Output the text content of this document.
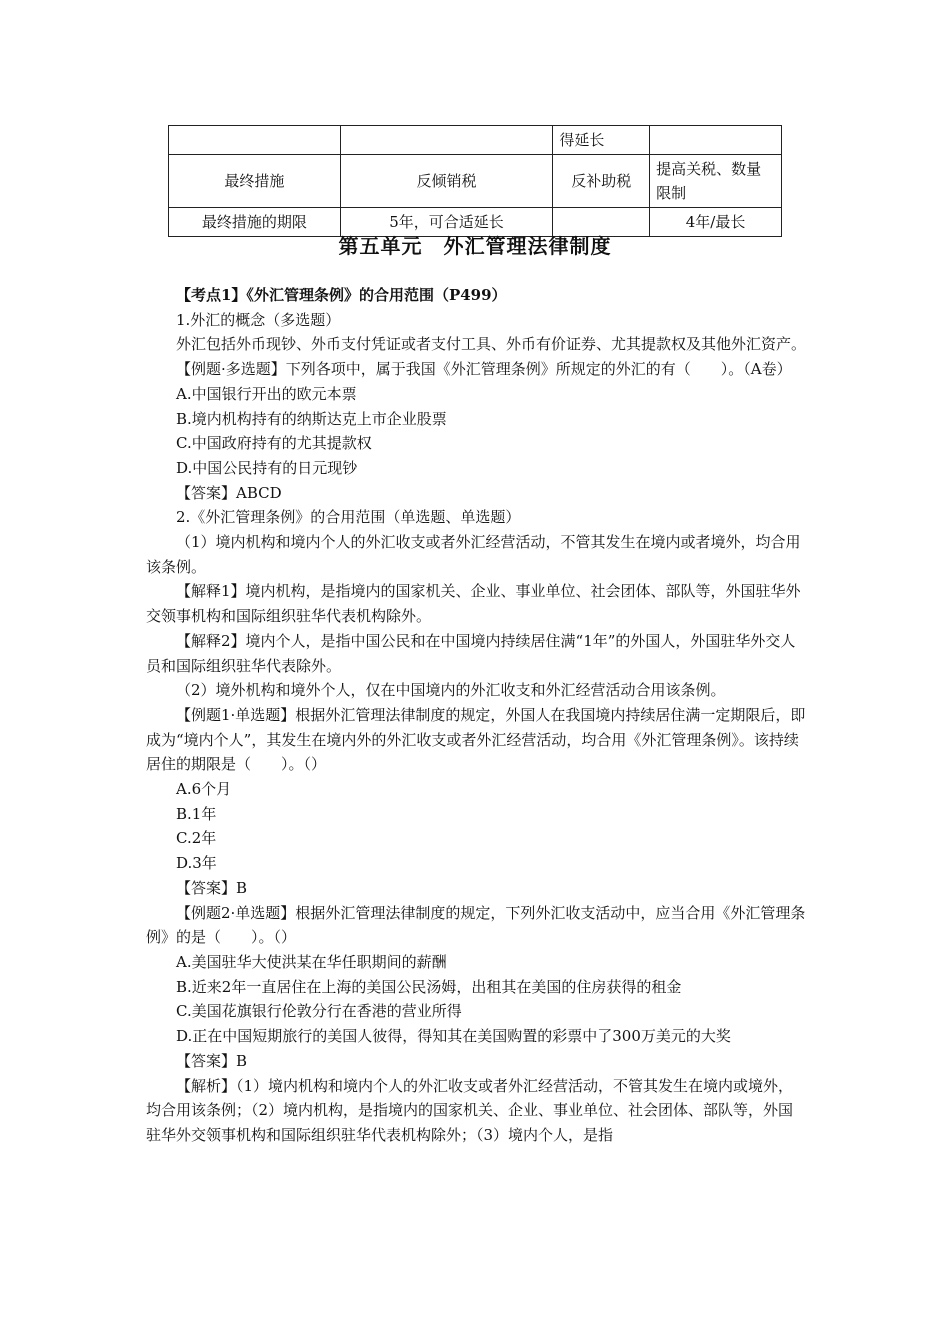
		得延长	
最终措施	反倾销税	反补助税	提高关税、数量限制
最终措施的期限	5年，可合适延长		4年/最长
第五单元　外汇管理法律制度

【考点1】《外汇管理条例》的合用范围（P499）

1.外汇的概念（多选题）

外汇包括外币现钞、外币支付凭证或者支付工具、外币有价证券、尤其提款权及其他外汇资产。

【例题·多选题】下列各项中，属于我国《外汇管理条例》所规定的外汇的有（　　）。（A卷）

A.中国银行开出的欧元本票

B.境内机构持有的纳斯达克上市企业股票

C.中国政府持有的尤其提款权

D.中国公民持有的日元现钞

【答案】ABCD

2.《外汇管理条例》的合用范围（单选题、单选题）

（1）境内机构和境内个人的外汇收支或者外汇经营活动，不管其发生在境内或者境外，均合用该条例。

【解释1】境内机构，是指境内的国家机关、企业、事业单位、社会团体、部队等，外国驻华外交领事机构和国际组织驻华代表机构除外。

【解释2】境内个人，是指中国公民和在中国境内持续居住满“1年”的外国人，外国驻华外交人员和国际组织驻华代表除外。

（2）境外机构和境外个人，仅在中国境内的外汇收支和外汇经营活动合用该条例。

【例题1·单选题】根据外汇管理法律制度的规定，外国人在我国境内持续居住满一定期限后，即成为“境内个人”，其发生在境内外的外汇收支或者外汇经营活动，均合用《外汇管理条例》。该持续居住的期限是（　　）。（）

A.6个月

B.1年

C.2年

D.3年

【答案】B

【例题2·单选题】根据外汇管理法律制度的规定，下列外汇收支活动中，应当合用《外汇管理条例》的是（　　）。（）

A.美国驻华大使洪某在华任职期间的薪酬

B.近来2年一直居住在上海的美国公民汤姆，出租其在美国的住房获得的租金

C.美国花旗银行伦敦分行在香港的营业所得

D.正在中国短期旅行的美国人彼得，得知其在美国购置的彩票中了300万美元的大奖

【答案】B

【解析】（1）境内机构和境内个人的外汇收支或者外汇经营活动，不管其发生在境内或境外，均合用该条例；（2）境内机构，是指境内的国家机关、企业、事业单位、社会团体、部队等，外国驻华外交领事机构和国际组织驻华代表机构除外；（3）境内个人，是指
